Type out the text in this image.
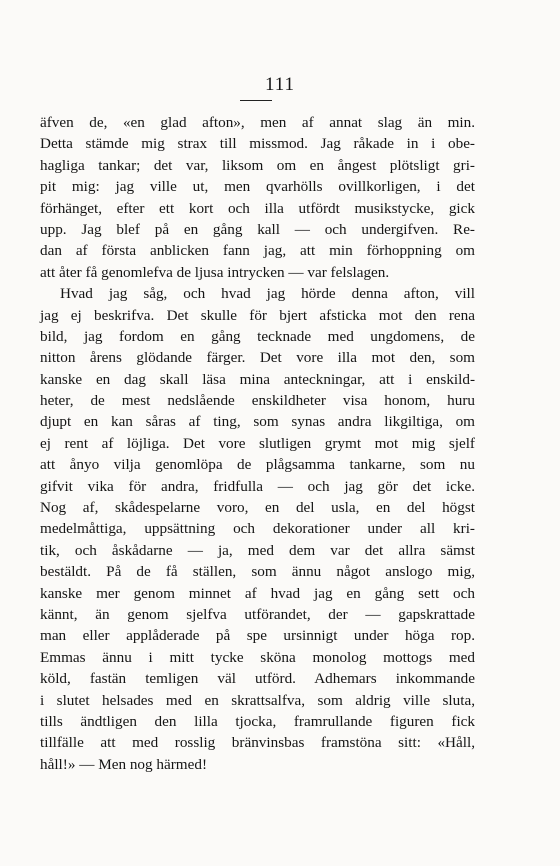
111
äfven de, «en glad afton», men af annat slag än min.
Detta stämde mig strax till missmod. Jag råkade in i obe-
hagliga tankar; det var, liksom om en ångest plötsligt gri-
pit mig: jag ville ut, men qvarhölls ovillkorligen, i det
förhänget, efter ett kort och illa utfördt musikstycke, gick
upp. Jag blef på en gång kall — och undergifven. Re-
dan af första anblicken fann jag, att min förhoppning om
att åter få genomlefva de ljusa intrycken — var felslagen.
Hvad jag såg, och hvad jag hörde denna afton, vill
jag ej beskrifva. Det skulle för bjert afsticka mot den rena
bild, jag fordom en gång tecknade med ungdomens, de
nitton årens glödande färger. Det vore illa mot den, som
kanske en dag skall läsa mina anteckningar, att i enskild-
heter, de mest nedslående enskildheter visa honom, huru
djupt en kan såras af ting, som synas andra likgiltiga, om
ej rent af löjliga. Det vore slutligen grymt mot mig sjelf
att ånyo vilja genomlöpa de plågsamma tankarne, som nu
gifvit vika för andra, fridfulla — och jag gör det icke.
Nog af, skådespelarne voro, en del usla, en del högst
medelmåttiga, uppsättning och dekorationer under all kri-
tik, och åskådarne — ja, med dem var det allra sämst
bestäldt. På de få ställen, som ännu något anslogo mig,
kanske mer genom minnet af hvad jag en gång sett och
kännt, än genom sjelfva utförandet, der — gapskrattade
man eller applåderade på spe ursinnigt under höga rop.
Emmas ännu i mitt tycke sköna monolog mottogs med
köld, fastän temligen väl utförd. Adhemars inkommande
i slutet helsades med en skrattsalfva, som aldrig ville sluta,
tills ändtligen den lilla tjocka, framrullande figuren fick
tillfälle att med rosslig bränvinsbas framstöna sitt: «Håll,
håll!» — Men nog härmed!
